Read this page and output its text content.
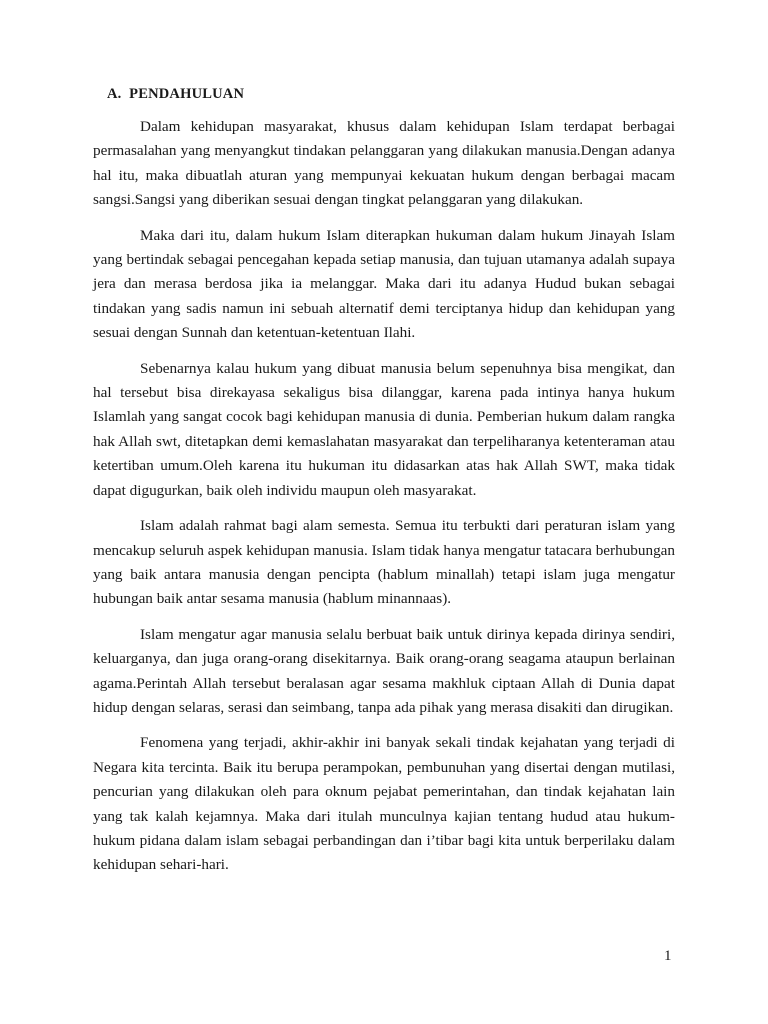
A.  PENDAHULUAN

Dalam kehidupan masyarakat, khusus dalam kehidupan Islam terdapat berbagai permasalahan yang menyangkut tindakan pelanggaran yang dilakukan manusia.Dengan adanya hal itu, maka dibuatlah aturan yang mempunyai kekuatan hukum dengan berbagai macam sangsi.Sangsi yang diberikan sesuai dengan tingkat pelanggaran yang dilakukan.

Maka dari itu, dalam hukum Islam diterapkan hukuman dalam hukum Jinayah Islam yang bertindak sebagai pencegahan kepada setiap manusia, dan tujuan utamanya adalah supaya jera dan merasa berdosa jika ia melanggar. Maka dari itu adanya Hudud bukan sebagai tindakan yang sadis namun ini sebuah alternatif demi terciptanya hidup dan kehidupan yang sesuai dengan Sunnah dan ketentuan-ketentuan Ilahi.

Sebenarnya kalau hukum yang dibuat manusia belum sepenuhnya bisa mengikat, dan hal tersebut bisa direkayasa sekaligus bisa dilanggar, karena pada intinya hanya hukum Islamlah yang sangat cocok bagi kehidupan manusia di dunia. Pemberian hukum dalam rangka hak Allah swt, ditetapkan demi kemaslahatan masyarakat dan terpeliharanya ketenteraman atau ketertiban umum.Oleh karena itu hukuman itu didasarkan atas hak Allah SWT, maka tidak dapat digugurkan, baik oleh individu maupun oleh masyarakat.

Islam adalah rahmat bagi alam semesta. Semua itu terbukti dari peraturan islam yang mencakup seluruh aspek kehidupan manusia. Islam tidak hanya mengatur tatacara berhubungan yang baik antara manusia dengan pencipta (hablum minallah) tetapi islam juga mengatur hubungan baik antar sesama manusia (hablum minannaas).

Islam mengatur agar manusia selalu berbuat baik untuk dirinya kepada dirinya sendiri, keluarganya, dan juga orang-orang disekitarnya. Baik orang-orang seagama ataupun berlainan agama.Perintah Allah tersebut beralasan agar sesama makhluk ciptaan Allah di Dunia dapat hidup dengan selaras, serasi dan seimbang, tanpa ada pihak yang merasa disakiti dan dirugikan.

Fenomena yang terjadi, akhir-akhir ini banyak sekali tindak kejahatan yang terjadi di Negara kita tercinta. Baik itu berupa perampokan, pembunuhan yang disertai dengan mutilasi, pencurian yang dilakukan oleh para oknum pejabat pemerintahan, dan tindak kejahatan lain yang tak kalah kejamnya. Maka dari itulah munculnya kajian tentang hudud atau hukum-hukum pidana dalam islam sebagai perbandingan dan i’tibar bagi kita untuk berperilaku dalam kehidupan sehari-hari.

1
